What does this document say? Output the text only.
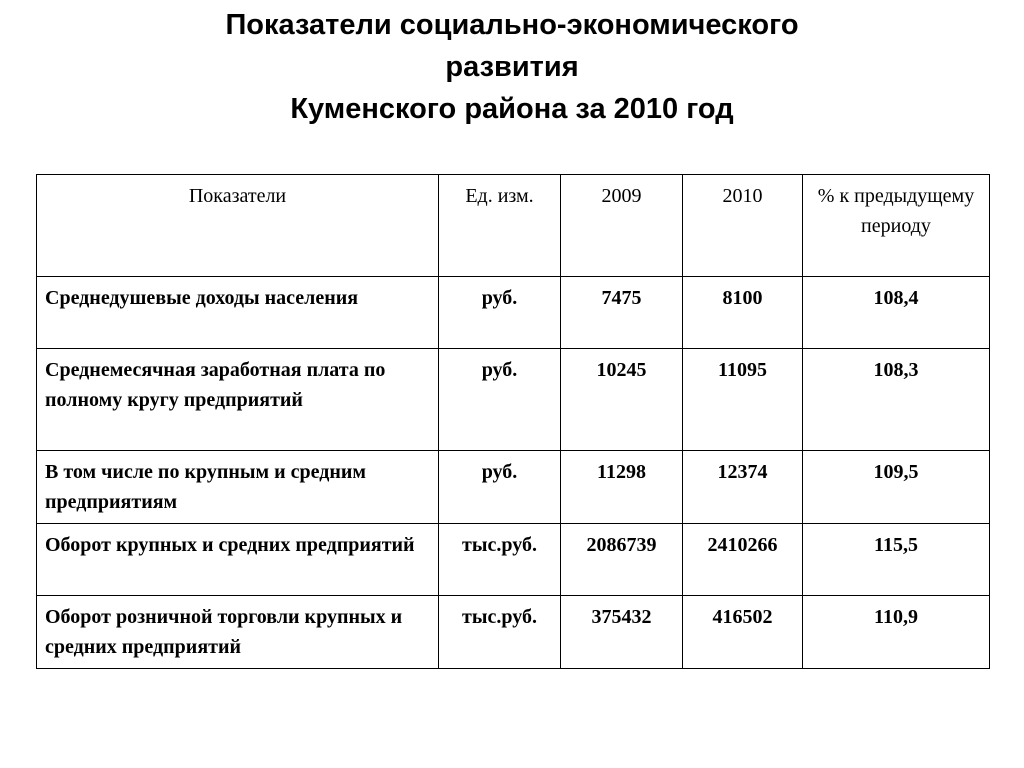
Показатели социально-экономического
развития
Куменского района за 2010 год
Показатели	Ед. изм.	2009	2010	% к предыдущему периоду
Среднедушевые доходы населения	руб.	7475	8100	108,4
Среднемесячная заработная плата по полному кругу предприятий	руб.	10245	11095	108,3
В том числе по крупным и средним предприятиям	руб.	11298	12374	109,5
Оборот крупных и средних предприятий	тыс.руб.	2086739	2410266	115,5
Оборот розничной торговли крупных и средних предприятий	тыс.руб.	375432	416502	110,9
